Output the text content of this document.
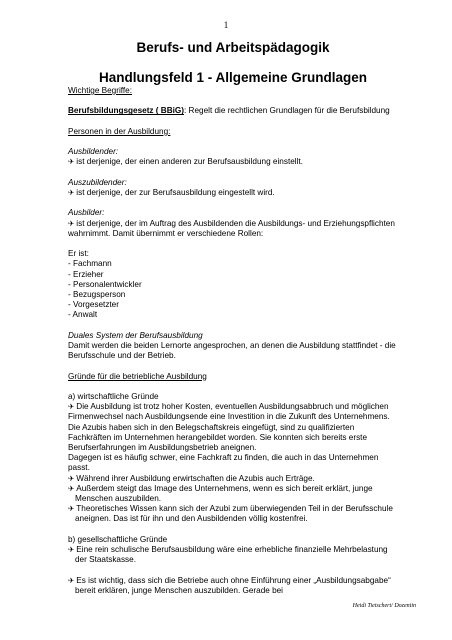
1
Berufs- und Arbeitspädagogik
Handlungsfeld 1 - Allgemeine Grundlagen

Wichtige Begriffe:

Berufsbildungsgesetz ( BBiG): Regelt die rechtlichen Grundlagen für die Berufsbildung

Personen in der Ausbildung:

Ausbildender:

✈ ist derjenige, der einen anderen zur Berufsausbildung einstellt.

Auszubildender:

✈ ist derjenige, der zur Berufsausbildung eingestellt wird.

Ausbilder:

✈ ist derjenige, der im Auftrag des Ausbildenden die Ausbildungs- und Erziehungspflichten wahrnimmt. Damit übernimmt er verschiedene Rollen:

Er ist:

- Fachmann

- Erzieher

- Personalentwickler

- Bezugsperson

- Vorgesetzter

- Anwalt

Duales System der Berufsausbildung

Damit werden die beiden Lernorte angesprochen, an denen die Ausbildung stattfindet - die Berufsschule und der Betrieb.

Gründe für die betriebliche Ausbildung

a) wirtschaftliche Gründe

✈ Die Ausbildung ist trotz hoher Kosten, eventuellen Ausbildungsabbruch und möglichen Firmenwechsel nach Ausbildungsende eine Investition in die Zukunft des Unternehmens. Die Azubis haben sich in den Belegschaftskreis eingefügt, sind zu qualifizierten Fachkräften im Unternehmen herangebildet worden. Sie konnten sich bereits erste Berufserfahrungen im Ausbildungsbetrieb aneignen.

Dagegen ist es häufig schwer, eine Fachkraft zu finden, die auch in das Unternehmen passt.

✈ Während ihrer Ausbildung erwirtschaften die Azubis auch Erträge.

✈ Außerdem steigt das Image des Unternehmens, wenn es sich bereit erklärt, junge Menschen auszubilden.

✈ Theoretisches Wissen kann sich der Azubi zum überwiegenden Teil in der Berufsschule aneignen. Das ist für ihn und den Ausbildenden völlig kostenfrei.

b) gesellschaftliche Gründe

✈ Eine rein schulische Berufsausbildung wäre eine erhebliche finanzielle Mehrbelastung der Staatskasse.

✈ Es ist wichtig, dass sich die Betriebe auch ohne Einführung einer „Ausbildungsabgabe“ bereit erklären, junge Menschen auszubilden. Gerade bei

Heidi Tietschert/ Dozentin
